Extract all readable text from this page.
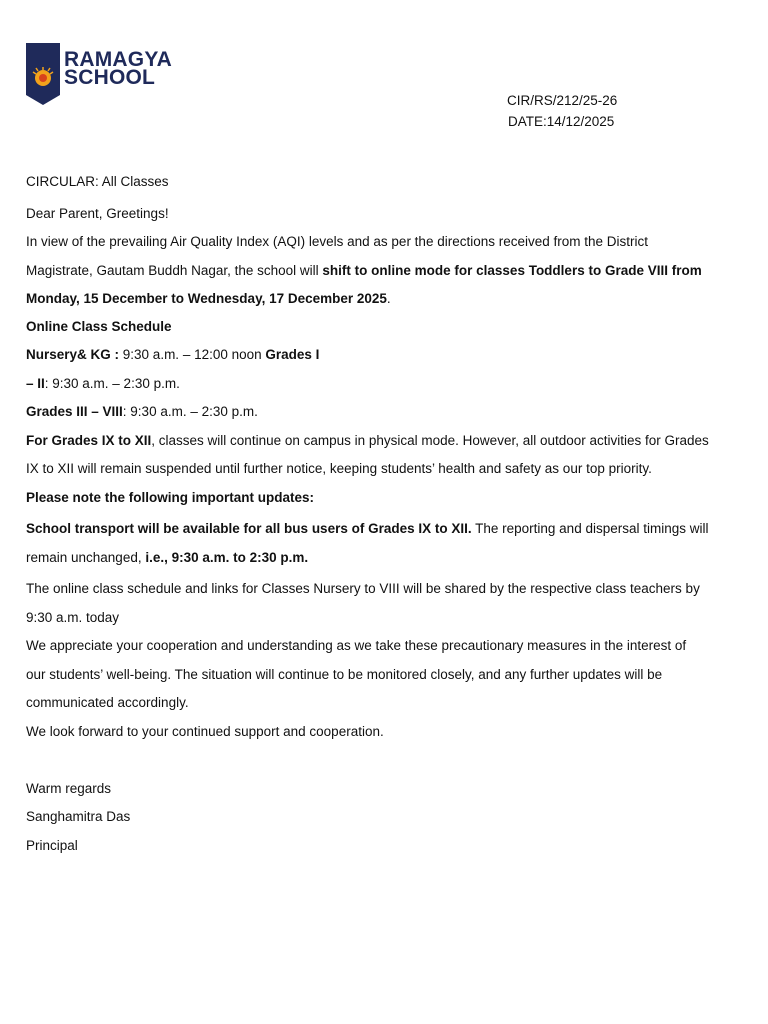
RAMAGYA
SCHOOL
CIR/RS/212/25-26
DATE:14/12/2025
CIRCULAR: All Classes
Dear Parent, Greetings!
In view of the prevailing Air Quality Index (AQI) levels and as per the directions received from the District
Magistrate, Gautam Buddh Nagar, the school will shift to online mode for classes Toddlers to Grade VIII from
Monday, 15 December to Wednesday, 17 December 2025.
Online Class Schedule
Nursery& KG : 9:30 a.m. – 12:00 noon Grades I
– II: 9:30 a.m. – 2:30 p.m.
Grades III – VIII: 9:30 a.m. – 2:30 p.m.
For Grades IX to XII, classes will continue on campus in physical mode. However, all outdoor activities for Grades
IX to XII will remain suspended until further notice, keeping students’ health and safety as our top priority.
Please note the following important updates:
School transport will be available for all bus users of Grades IX to XII. The reporting and dispersal timings will
remain unchanged, i.e., 9:30 a.m. to 2:30 p.m.
The online class schedule and links for Classes Nursery to VIII will be shared by the respective class teachers by
9:30 a.m. today
We appreciate your cooperation and understanding as we take these precautionary measures in the interest of
our students’ well-being. The situation will continue to be monitored closely, and any further updates will be
communicated accordingly.
We look forward to your continued support and cooperation.
Warm regards
Sanghamitra Das
Principal
